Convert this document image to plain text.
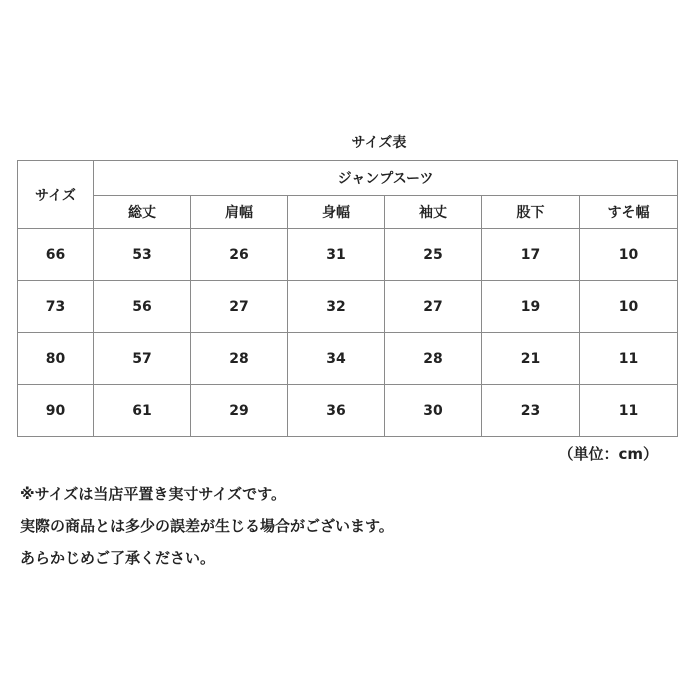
サイズ表
サイズ	ジャンプスーツ					
	総丈	肩幅	身幅	袖丈	股下	すそ幅
66	53	26	31	25	17	10
73	56	27	32	27	19	10
80	57	28	34	28	21	11
90	61	29	36	30	23	11
（単位：cm）
※サイズは当店平置き実寸サイズです。
実際の商品とは多少の誤差が生じる場合がございます。
あらかじめご了承ください。
